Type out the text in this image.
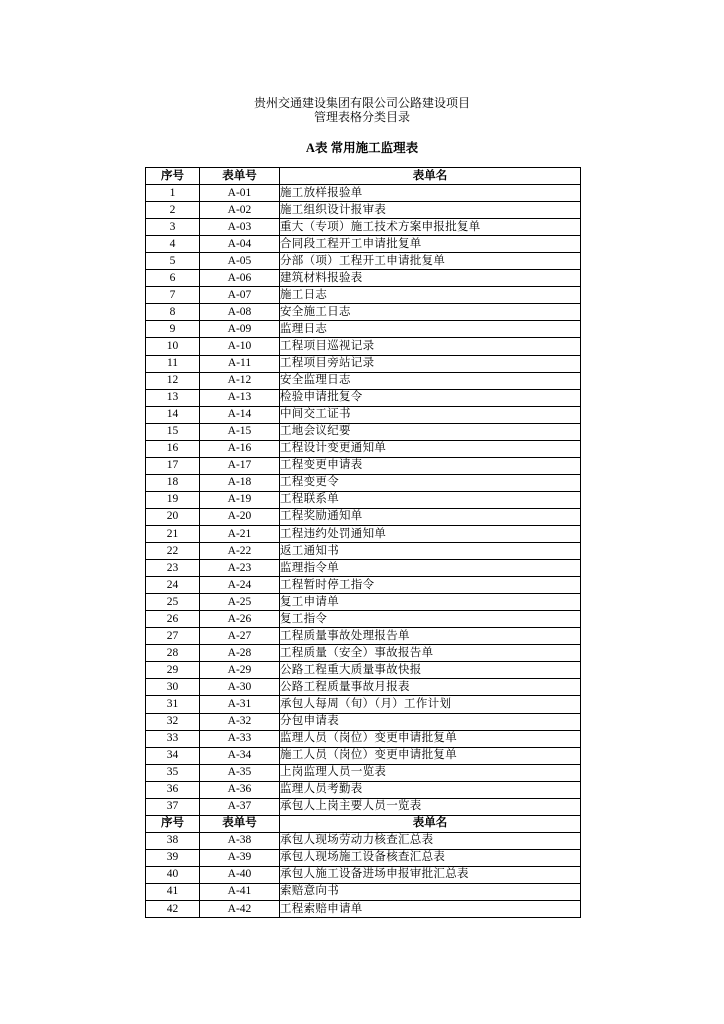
贵州交通建设集团有限公司公路建设项目
管理表格分类目录
A表 常用施工监理表
序号	表单号	表单名
1	A-01	施工放样报验单
2	A-02	施工组织设计报审表
3	A-03	重大（专项）施工技术方案申报批复单
4	A-04	合同段工程开工申请批复单
5	A-05	分部（项）工程开工申请批复单
6	A-06	建筑材料报验表
7	A-07	施工日志
8	A-08	安全施工日志
9	A-09	监理日志
10	A-10	工程项目巡视记录
11	A-11	工程项目旁站记录
12	A-12	安全监理日志
13	A-13	检验申请批复令
14	A-14	中间交工证书
15	A-15	工地会议纪要
16	A-16	工程设计变更通知单
17	A-17	工程变更申请表
18	A-18	工程变更令
19	A-19	工程联系单
20	A-20	工程奖励通知单
21	A-21	工程违约处罚通知单
22	A-22	返工通知书
23	A-23	监理指令单
24	A-24	工程暂时停工指令
25	A-25	复工申请单
26	A-26	复工指令
27	A-27	工程质量事故处理报告单
28	A-28	工程质量（安全）事故报告单
29	A-29	公路工程重大质量事故快报
30	A-30	公路工程质量事故月报表
31	A-31	承包人每周（旬）（月）工作计划
32	A-32	分包申请表
33	A-33	监理人员（岗位）变更申请批复单
34	A-34	施工人员（岗位）变更申请批复单
35	A-35	上岗监理人员一览表
36	A-36	监理人员考勤表
37	A-37	承包人上岗主要人员一览表
序号	表单号	表单名
38	A-38	承包人现场劳动力核查汇总表
39	A-39	承包人现场施工设备核查汇总表
40	A-40	承包人施工设备进场申报审批汇总表
41	A-41	索赔意向书
42	A-42	工程索赔申请单
